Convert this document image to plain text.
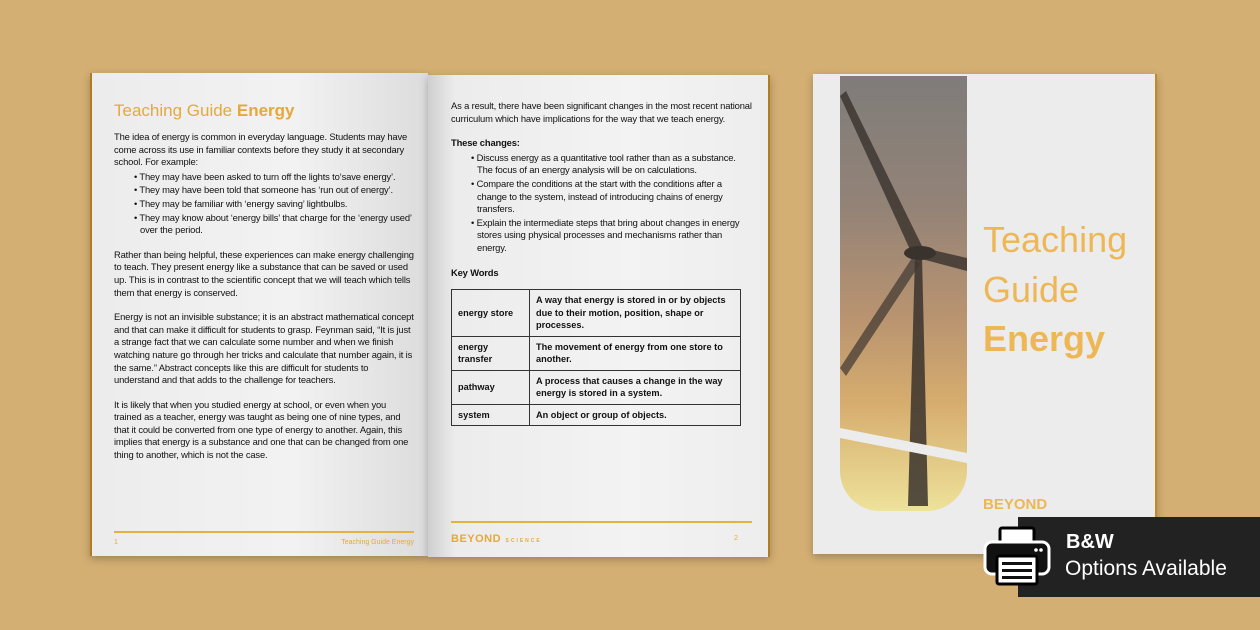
Teaching Guide Energy

The idea of energy is common in everyday language. Students may have come across its use in familiar contexts before they study it at secondary school. For example:

• They may have been asked to turn off the lights to‘save energy’.
• They may have been told that someone has ‘run out of energy’.
• They may be familiar with ‘energy saving’ lightbulbs.
• They may know about ‘energy bills’ that charge for the ‘energy used’ over the period.

Rather than being helpful, these experiences can make energy challenging to teach. They present energy like a substance that can be saved or used up. This is in contrast to the scientific concept that we will teach which tells them that energy is conserved.

Energy is not an invisible substance; it is an abstract mathematical concept and that can make it difficult for students to grasp. Feynman said, “It is just a strange fact that we can calculate some number and when we finish watching nature go through her tricks and calculate that number again, it is the same.” Abstract concepts like this are difficult for students to understand and that adds to the challenge for teachers.

It is likely that when you studied energy at school, or even when you trained as a teacher, energy was taught as being one of nine types, and that it could be converted from one type of energy to another. Again, this implies that energy is a substance and one that can be changed from one thing to another, which is not the case.

1	Teaching Guide Energy

As a result, there have been significant changes in the most recent national curriculum which have implications for the way that we teach energy.

These changes:

• Discuss energy as a quantitative tool rather than as a substance. The focus of an energy analysis will be on calculations.
• Compare the conditions at the start with the conditions after a change to the system, instead of introducing chains of energy transfers.
• Explain the intermediate steps that bring about changes in energy stores using physical processes and mechanisms rather than energy.

Key Words

energy store	A way that energy is stored in or by objects due to their motion, position, shape or processes.
energy transfer	The movement of energy from one store to another.
pathway	A process that causes a change in the way energy is stored in a system.
system	An object or group of objects.
BEYOND SCIENCE	2
Teaching
Guide
Energy
BEYOND
B&W
Options Available
